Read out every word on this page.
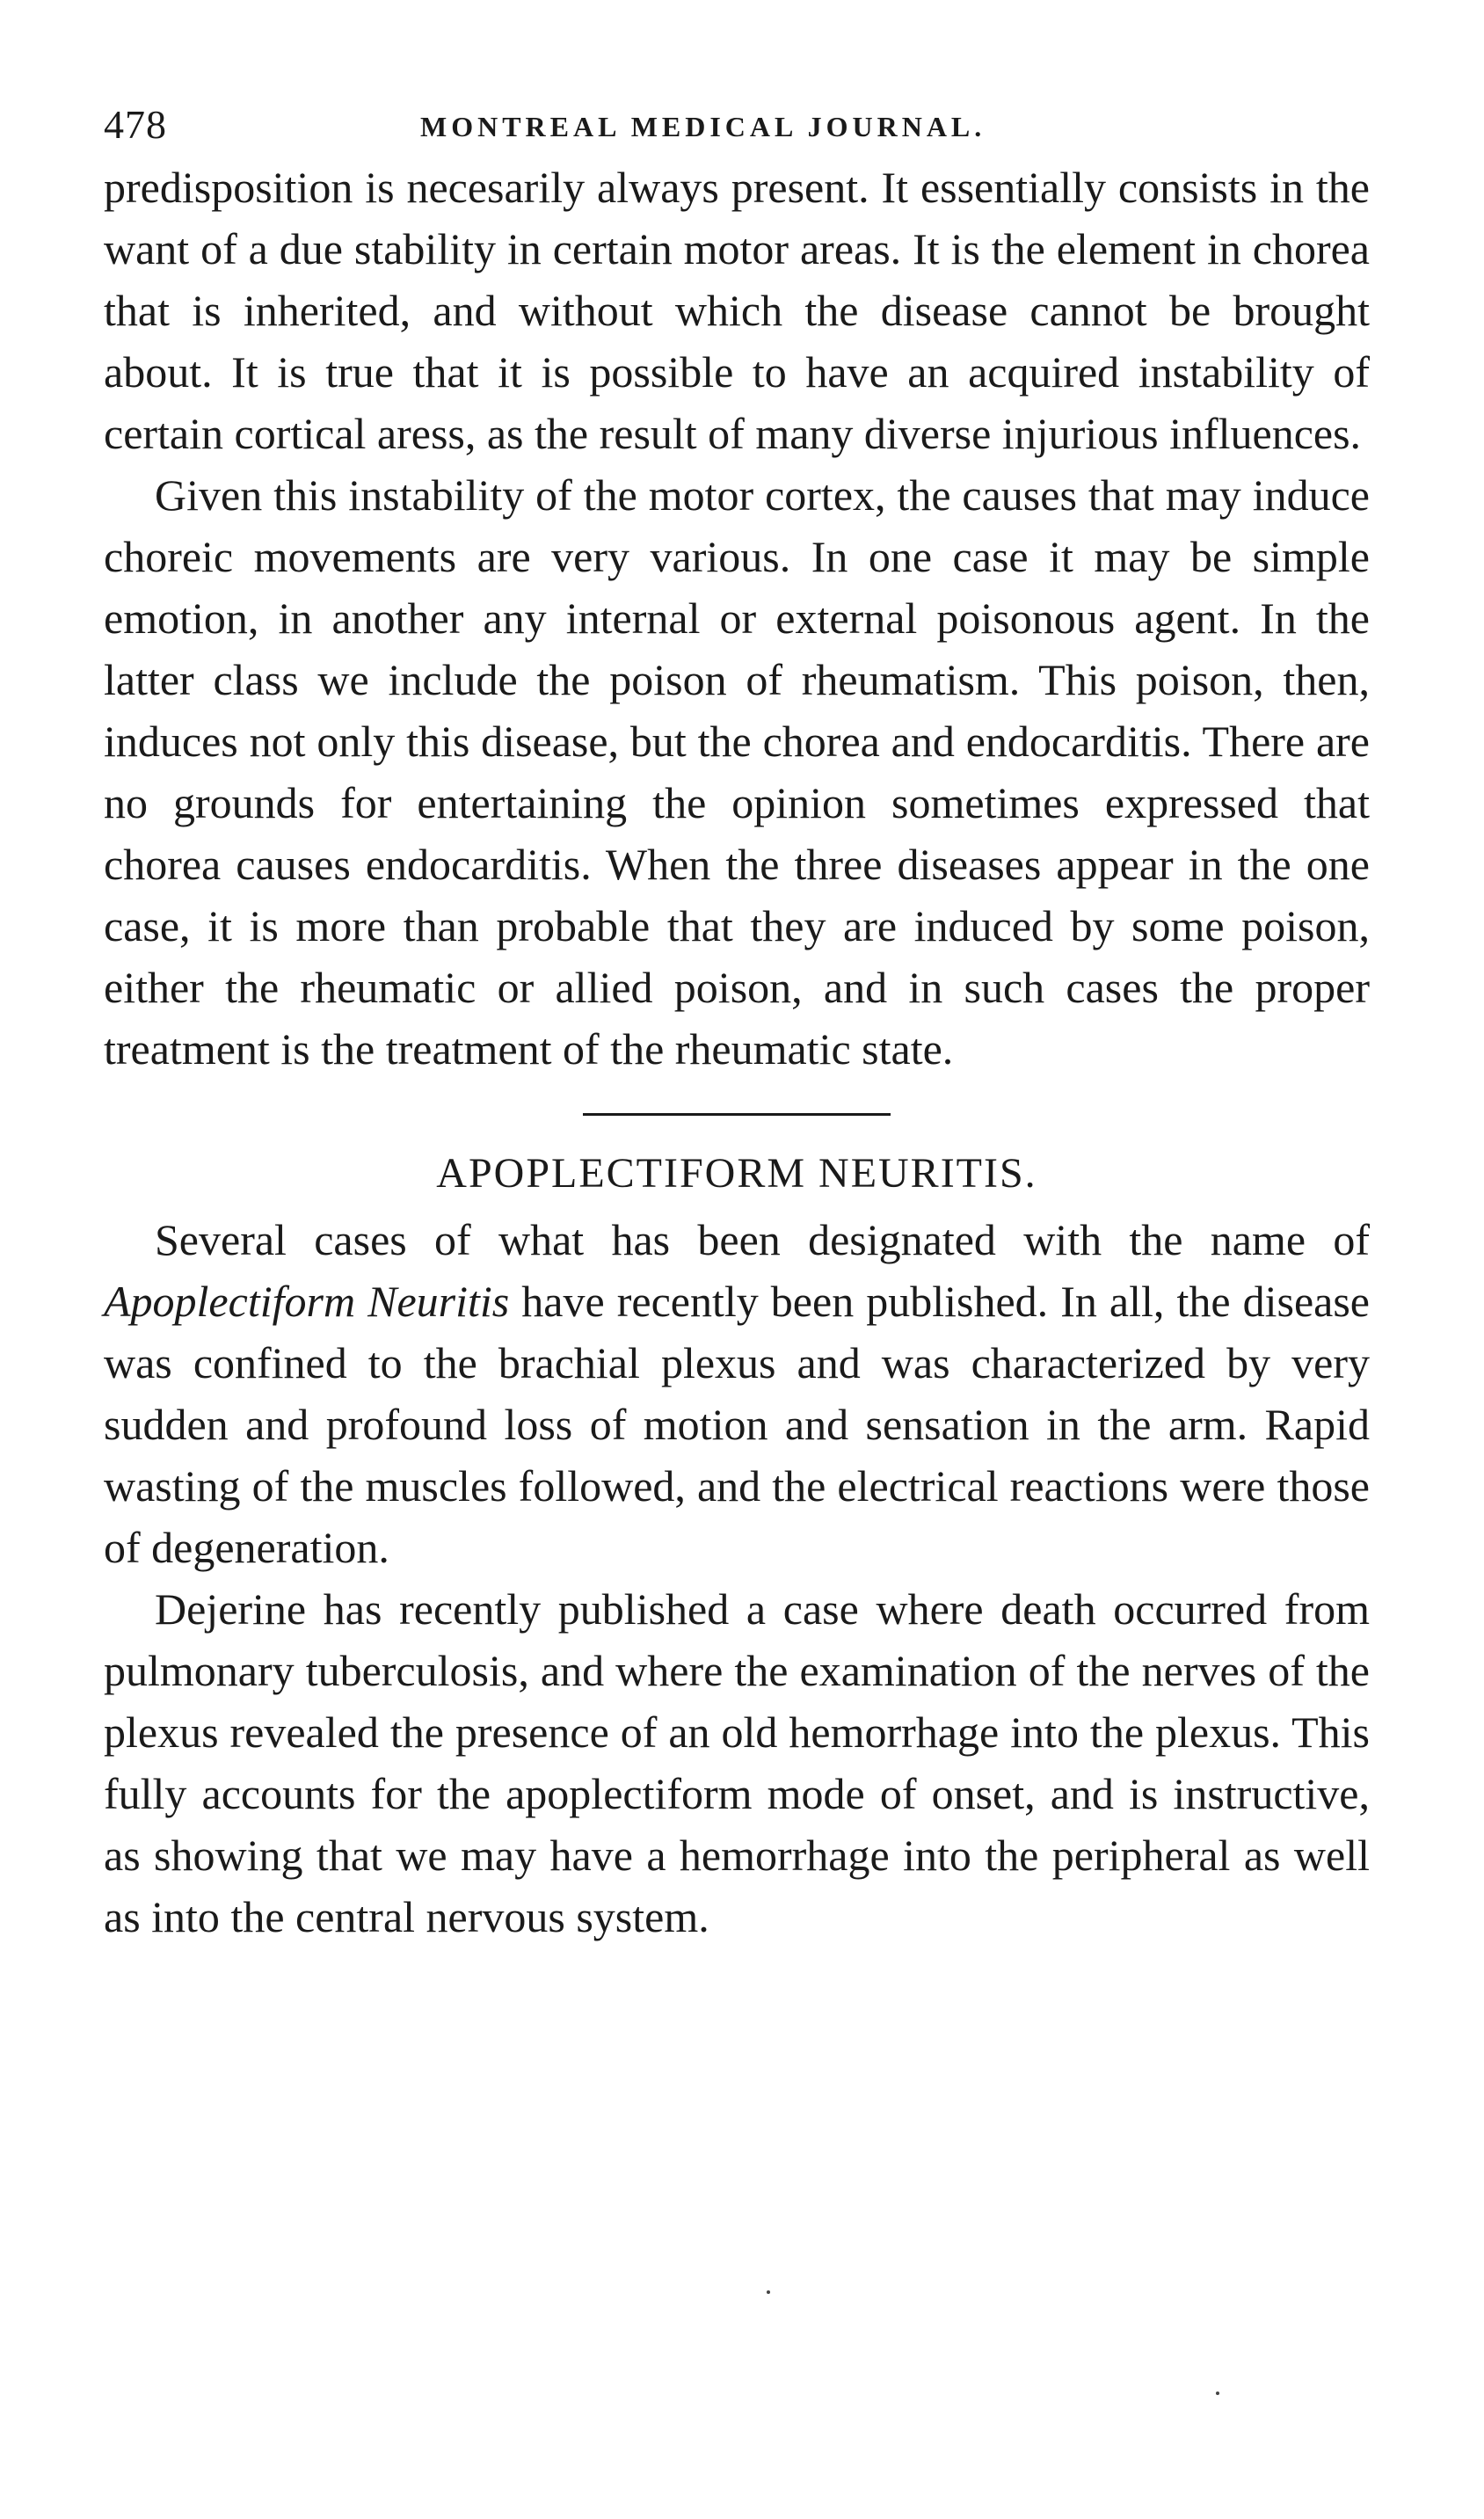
478	MONTREAL MEDICAL JOURNAL.

predisposition is necesarily always present. It essentially consists in the want of a due stability in certain motor areas. It is the element in chorea that is inherited, and without which the disease cannot be brought about. It is true that it is possible to have an acquired instability of certain cortical aress, as the result of many diverse injurious influences.

Given this instability of the motor cortex, the causes that may induce choreic movements are very various. In one case it may be simple emotion, in another any internal or external poisonous agent. In the latter class we include the poison of rheumatism. This poison, then, induces not only this disease, but the chorea and endocarditis. There are no grounds for entertaining the opinion sometimes expressed that chorea causes endocarditis. When the three diseases appear in the one case, it is more than probable that they are induced by some poison, either the rheumatic or allied poison, and in such cases the proper treatment is the treatment of the rheumatic state.

APOPLECTIFORM NEURITIS.

Several cases of what has been designated with the name of Apoplectiform Neuritis have recently been published. In all, the disease was confined to the brachial plexus and was characterized by very sudden and profound loss of motion and sensation in the arm. Rapid wasting of the muscles followed, and the electrical reactions were those of degeneration.

Dejerine has recently published a case where death occurred from pulmonary tuberculosis, and where the examination of the nerves of the plexus revealed the presence of an old hemorrhage into the plexus. This fully accounts for the apoplectiform mode of onset, and is instructive, as showing that we may have a hemorrhage into the peripheral as well as into the central nervous system.
